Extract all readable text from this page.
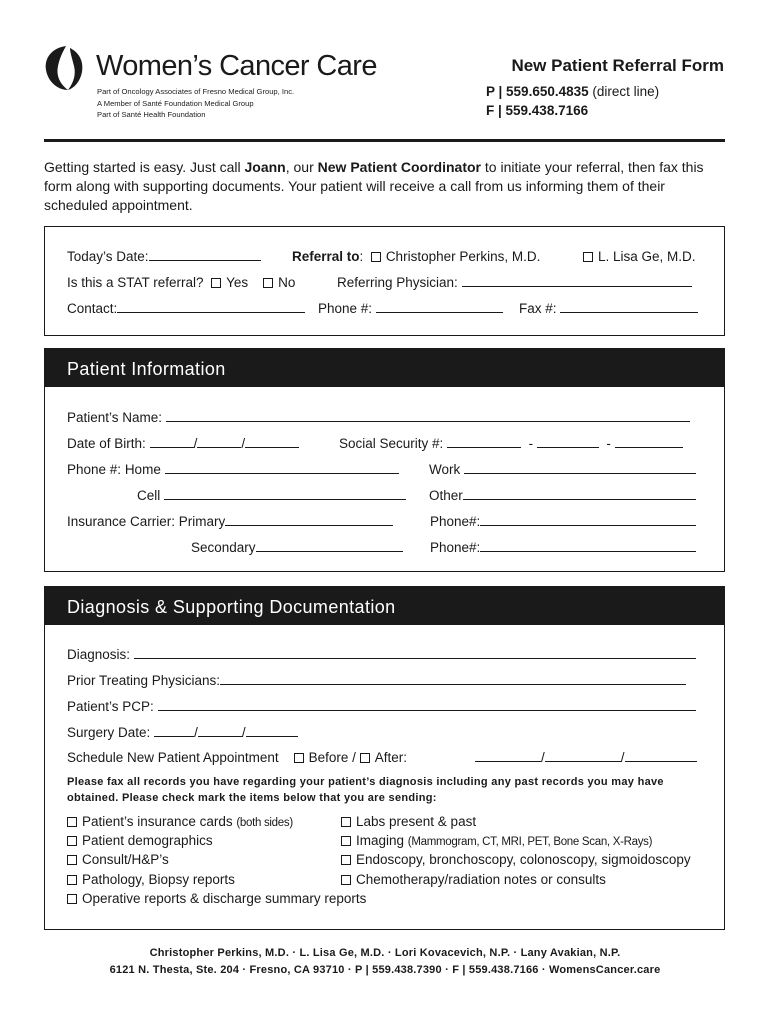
Women’s Cancer Care
Part of Oncology Associates of Fresno Medical Group, Inc.
A Member of Santé Foundation Medical Group
Part of Santé Health Foundation
New Patient Referral Form
P | 559.650.4835 (direct line)
F | 559.438.7166
Getting started is easy. Just call Joann, our New Patient Coordinator to initiate your referral, then fax this form along with supporting documents. Your patient will receive a call from us informing them of their scheduled appointment.
Today’s Date:	Referral to: Christopher Perkins, M.D.	L. Lisa Ge, M.D.
Is this a STAT referral? Yes No	Referring Physician:
Contact:	Phone #:	Fax #:
Patient Information
Patient’s Name:
Date of Birth:	/	/	Social Security #:	-	-
Phone #: Home	Work
Cell	Other
Insurance Carrier: Primary	Phone#:
Secondary	Phone#:
Diagnosis & Supporting Documentation
Diagnosis:
Prior Treating Physicians:
Patient’s PCP:
Surgery Date:	/	/
Schedule New Patient Appointment Before / After:	/	/
Please fax all records you have regarding your patient’s diagnosis including any past records you may have obtained. Please check mark the items below that you are sending:
Patient’s insurance cards (both sides)
Patient demographics
Consult/H&P’s
Pathology, Biopsy reports
Operative reports & discharge summary reports
Labs present & past
Imaging (Mammogram, CT, MRI, PET, Bone Scan, X-Rays)
Endoscopy, bronchoscopy, colonoscopy, sigmoidoscopy
Chemotherapy/radiation notes or consults
Christopher Perkins, M.D. · L. Lisa Ge, M.D. · Lori Kovacevich, N.P. · Lany Avakian, N.P.
6121 N. Thesta, Ste. 204 · Fresno, CA 93710 · P | 559.438.7390 · F | 559.438.7166 · WomensCancer.care
